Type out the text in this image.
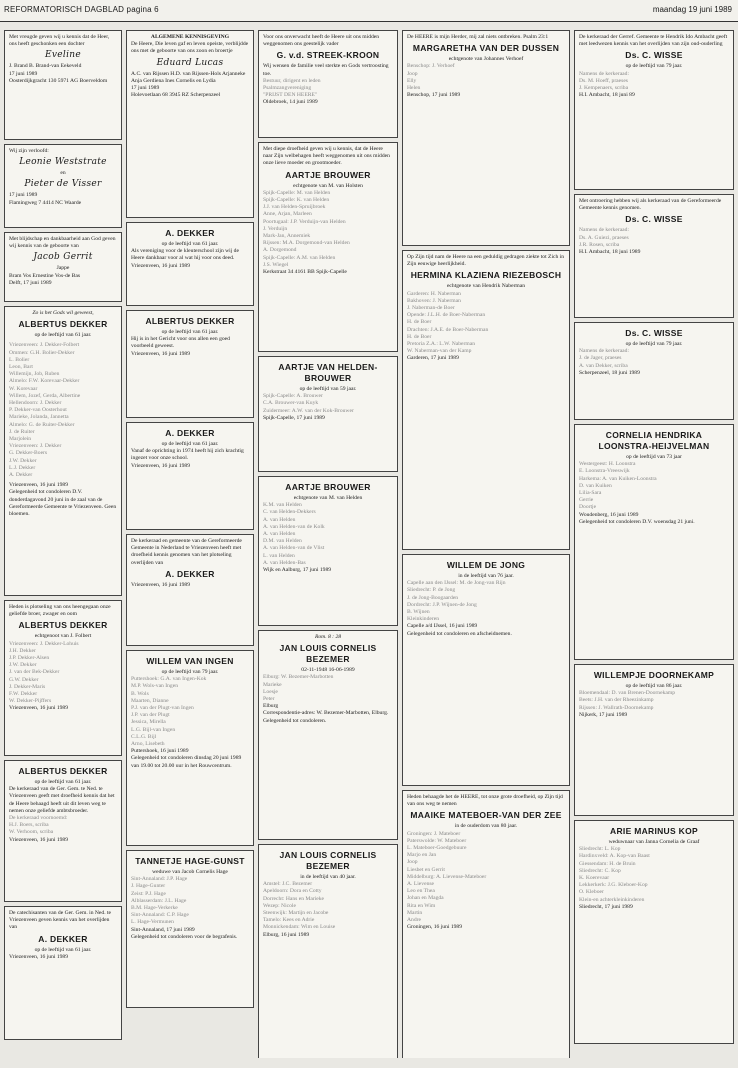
REFORMATORISCH DAGBLAD pagina 6	maandag 19 juni 1989
Met vreugde geven wij u kennis dat de Heer, ons heeft geschonken een dochter
Eveline
J. Brand B. Brand-van Eekeveld
17 juni 1989
Oosterdijkgracht 130 5971 AG Boerveldom
Wij zijn verloofd:
Leonie Weststrate
en
Pieter de Visser
17 juni 1989
Flamingweg 7 4414 NC Waarde
Met blijdschap en dankbaarheid aan God geven wij kennis van de geboorte van
Jacob Gerrit
Jappe
Bram Vos Ernestine Vos-de Bas
Delft, 17 juni 1989
Zo is het Gods wil geweest,
ALBERTUS DEKKER
op de leeftijd van 61 jaar.
Vriezenveen: J. Dekker-Folbert
Ommen: G.H. Bolier-Dekker
L. Bolier
Leon, Bart
Willemijn, Job, Ruben
Almelo: F.W. Korevaar-Dekker
W. Korevaar
Willem, Jozef, Gerda, Albertine
Hellendoorn: J. Dekker
P. Dekker-van Oosterhout
Marieke, Jolanda, Jannetta
Almelo: G. de Ruiter-Dekker
J. de Ruiter
Marjolein
Vriezenveen: J. Dekker
G. Dekker-Boers
J.W. Dekker
L.J. Dekker
A. Dekker
Vriezenveen, 16 juni 1989
Gelegenheid tot condoleren D.V. donderdagavond 20 juni in de zaal van de Gereformeerde Gemeente te Vriezenveen. Geen bloemen.
Heden is plotseling van ons heengegaan onze geliefde broer, zwager en oom
ALBERTUS DEKKER
echtgenoot van J. Folbert
Vriezenveen: J. Dekker-Lohuis
J.H. Dekker
J.P. Dekker-Alsen
J.W. Dekker
J. van der Bek-Dekker
G.W. Dekker
J. Dekker-Maris
F.W. Dekker
W. Dekker-Pijffers
Vriezenveen, 16 juni 1989
ALBERTUS DEKKER
op de leeftijd van 61 jaar.
De kerkeraad van de Ger. Gem. te Ned. te Vriezenveen geeft met droefheid kennis dat het de Heere behaagd heeft uit dit leven weg te nemen onze geliefde ambtsbroeder.
De kerkeraad voornoemd:
H.J. Boers, scriba
W. Verhoom, scriba
Vriezenveen, 16 juni 1989
De catechisanten van de Ger. Gem. in Ned. te Vriezenveen geven kennis van het overlijden van
A. DEKKER
op de leeftijd van 61 jaar.
Vriezenveen, 16 juni 1989
ALGEMENE KENNISGEVING
De Heere, Die leven gaf en leven opeiste, verblijdde ons met de geboorte van ons zoon en broertje
Eduard Lucas
A.C. van Rijssen H.D. van Rijssen-Hols Arjanneke Anja Gerdiena Ines Cornelis en Lydia
17 juni 1989
Holevoetlaan 68 3945 RZ Scherpenzeel
A. DEKKER
op de leeftijd van 61 jaar.
Als vereniging voor de kleuterschool zijn wij de Heere dankbaar voor al wat hij voor ons deed.
Vriezenveen, 16 juni 1989
ALBERTUS DEKKER
op de leeftijd van 61 jaar.
Hij is in het Gericht voor ons allen een goed voorbeeld geweest.
Vriezenveen, 16 juni 1989
A. DEKKER
op de leeftijd van 61 jaar.
Vanaf de oprichting in 1974 heeft hij zich krachtig ingezet voor onze school.
Vriezenveen, 16 juni 1989
De kerkeraad en gemeente van de Gereformeerde Gemeente in Nederland te Vriezenveen heeft met droefheid kennis genomen van het plotseling overlijden van
A. DEKKER
Vriezenveen, 16 juni 1989
WILLEM VAN INGEN
op de leeftijd van 79 jaar.
Puttershoek: G.A. van Ingen-Kok
M.P. Wols-van Ingen
B. Wols
Maarten, Dianne
P.J. van der Plugt-van Ingen
J.P. van der Plugt
Jessica, Mirella
L.G. Bijl-van Ingen
C.L.G. Bijl
Arno, Lisebeth
Puttershoek, 16 juni 1989
Gelegenheid tot condoleren dinsdag 20 juni 1989 van 19.00 tot 20.00 uur in het Rouwcentrum.
TANNETJE HAGE-GUNST
weduwe van Jacob Cornelis Hage
Sint-Annaland: J.P. Hage
J. Hage-Gunter
Zeist: P.J. Hage
Alblasserdam: J.L. Hage
B.M. Hage-Verkerke
Sint-Annaland: C.P. Hage
L. Hage-Vermunen
Sint-Annaland, 17 juni 1989
Gelegenheid tot condoleren voor de begrafenis.
Voor ons onverwacht heeft de Heere uit ons midden weggenomen ons geestelijk vader
G. v.d. STREEK-KROON
Wij wensen de familie veel sterkte en Gods vertroosting toe.
Bestuur, dirigent en leden
Psalmzangvereniging
"PRIJST DEN HEERE"
Oldebroek, 14 juni 1989
Met diepe droefheid geven wij u kennis, dat de Heere naar Zijn welbehagen heeft weggenomen uit ons midden onze lieve moeder en grootmoeder.
AARTJE BROUWER
echtgenote van M. van Holsten
Spijk-Capelle: M. van Helden
Spijk-Capelle: K. van Helden
J.J. van Helden-Spruijbroek
Anne, Arjan, Marleen
Poortugaal: J.P. Verduijn-van Helden
J. Verduijn
Mark-Jan, Annemiek
Rijssen: M.A. Dorgemond-van Helden
A. Dorgemond
Spijk-Capelle: A.M. van Helden
J.S. Wiegel
Kerkstraat 34 4161 BB Spijk-Capelle
AARTJE VAN HELDEN-BROUWER
op de leeftijd van 59 jaar.
Spijk-Capelle: A. Brouwer
C.A. Brouwer-van Kuyk
Zuidermeer: A.W. van der Kok-Brouwer
Spijk-Capelle, 17 juni 1989
AARTJE BROUWER
echtgenote van M. van Helden
K.M. van Helden
C. van Helden-Dekkers
A. van Helden
A. van Helden-van de Kolk
A. van Helden
D.M. van Helden
A. van Helden-van de Vlist
L. van Helden
A. van Helden-Bas
Wijk en Aalburg, 17 juni 1989
Rom. 8 : 28
JAN LOUIS CORNELIS BEZEMER
02-11-1948 16-06-1989
Elburg: W. Bezemer-Marbotten
Marieke
Loesje
Peter
Elburg
Correspondentie-adres: W. Bezemer-Marbotten, Elburg. Gelegenheid tot condoleren.
JAN LOUIS CORNELIS BEZEMER
in de leeftijd van 40 jaar.
Amstel: J.C. Bezemer
Apeldoorn: Dora en Cotty
Dorrecht: Hans en Marieke
Wezep: Nicole
Steenwijk: Martijn en Jacobe
Tamelo: Kees en Adrie
Monnickendam: Wim en Louise
Elburg, 16 juni 1989
De HEERE is mijn Herder, mij zal niets ontbreken. Psalm 23:1
MARGARETHA VAN DER DUSSEN
echtgenote van Johannes Verhoef
Benschop: J. Verhoef
Joop
Elly
Helen
Benschop, 17 juni 1989
Op Zijn tijd nam de Heere na een geduldig gedragen ziekte tot Zich in Zijn eeuwige heerlijkheid.
HERMINA KLAZIENA RIEZEBOSCH
echtgenote van Hendrik Naberman
Garderen: H. Naberman
Bakhoven: J. Naberman
J. Naberman-de Boer
Opende: J.L.H. de Boer-Naberman
H. de Boer
Drachten: J.A.E. de Boer-Naberman
H. de Boer
Pretoria Z.A.: L.W. Naberman
W. Naberman-van der Kamp
Garderen, 17 juni 1989
WILLEM DE JONG
in de leeftijd van 76 jaar.
Capelle aan den IJssel: M. de Jong-van Rijn
Sliedrecht: P. de Jong
J. de Jong-Boogaarden
Dordrecht: J.P. Wijnen-de Jong
B. Wijnen
Kleinkinderen
Capelle a/d IJssel, 16 juni 1989
Gelegenheid tot condoleren en afscheidnemen.
Heden behaagde het de HEERE, tot onze grote droefheid, op Zijn tijd van ons weg te nemen
MAAIKE MATEBOER-VAN DER ZEE
in de ouderdom van 80 jaar.
Groningen: J. Mateboer
Paterswolde: W. Mateboer
L. Mateboer-Goedgebuure
Marjo en Jan
Joop
Liesbet en Gerrit
Middelburg: A. Lievense-Mateboer
A. Lievense
Leo en Thea
Johan en Magda
Rita en Wim
Martin
Andre
Groningen, 16 juni 1989
De kerkeraad der Gerref. Gemeente te Hendrik Ido Ambacht geeft met leedwezen kennis van het overlijden van zijn oud-ouderling
Ds. C. WISSE
op de leeftijd van 79 jaar.
Namens de kerkeraad:
Ds. M. Hoeff, praeses
J. Kempenaers, scriba
H.I. Ambacht, 18 juni 89
Met ontroering hebben wij als kerkeraad van de Gereformeerde Gemeente kennis genomen.
Ds. C. WISSE
Namens de kerkeraad:
Ds. A. Guiezi, praeses
J.R. Rosen, scriba
H.I. Ambacht, 18 juni 1989
Ds. C. WISSE
op de leeftijd van 79 jaar.
Namens de kerkeraad:
J. de Jager, praeses
A. van Dekker, scriba
Scherpenzeel, 18 juni 1989
CORNELIA HENDRIKA LOONSTRA-HEIJVELMAN
op de leeftijd van 73 jaar
Westergeest: H. Loonstra
E. Loonstra-Vreeswijk
Harkema: A. van Kuiken-Loonstra
D. van Kuiken
Lilia-Sara
Gerrie
Doortje
Woudenberg, 16 juni 1989
Gelegenheid tot condoleren D.V. woensdag 21 juni.
WILLEMPJE DOORNEKAMP
op de leeftijd van 86 jaar.
Bloemendaal: D. van Brenen-Doornekamp
Beets: J.H. van der Rheezinkamp
Rijssen: J. Wallrath-Doornekamp
Nijkerk, 17 juni 1989
ARIE MARINUS KOP
weduwnaar van Janna Cornelia de Graaf
Sliedrecht: L. Kop
Hardinxveld: A. Kop-van Baast
Giessendam: H. de Bruin
Sliedrecht: C. Kop
K. Koerevaar
Lekkerkerk: J.G. Kleboer-Kop
O. Kleboer
Klein-en achterkleinkinderen
Sliedrecht, 17 juni 1989
